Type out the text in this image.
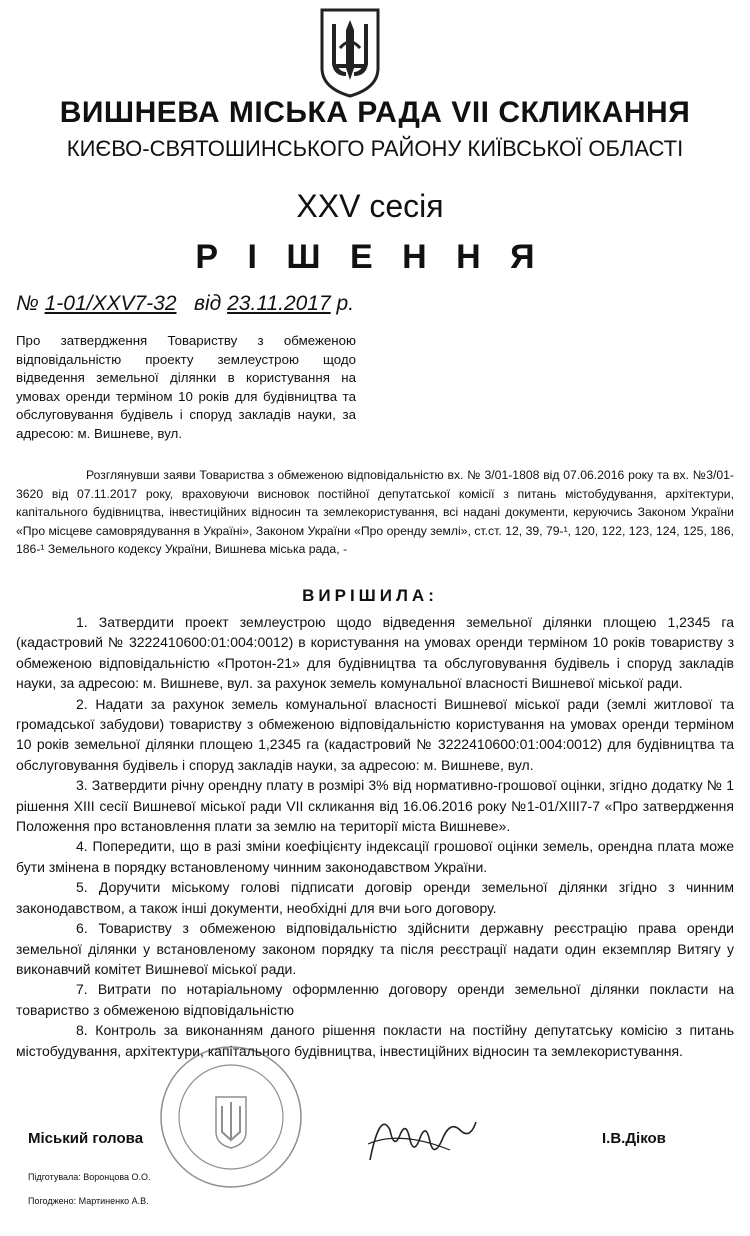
ВИШНЕВА МІСЬКА РАДА VII СКЛИКАННЯ
КИЄВО-СВЯТОШИНСЬКОГО РАЙОНУ КИЇВСЬКОЇ ОБЛАСТІ
XXV сесія
Р І Ш Е Н Н Я
№ 1-01/XXV7-32 від 23.11.2017 р.

Про затвердження Товариству з обмеженою відповідальністю проекту землеустрою щодо відведення земельної ділянки в користування на умовах оренди терміном 10 років для будівництва та обслуговування будівель і споруд закладів науки, за адресою: м. Вишневе, вул.

Розглянувши заяви Товариства з обмеженою відповідальністю вх. № 3/01-1808 від 07.06.2016 року та вх. №3/01-3620 від 07.11.2017 року, враховуючи висновок постійної депутатської комісії з питань містобудування, архітектури, капітального будівництва, інвестиційних відносин та землекористування, всі надані документи, керуючись Законом України «Про місцеве самоврядування в Україні», Законом України «Про оренду землі», ст.ст. 12, 39, 79-¹, 120, 122, 123, 124, 125, 186, 186-¹ Земельного кодексу України, Вишнева міська рада, -

ВИРІШИЛА:

1. Затвердити проект землеустрою щодо відведення земельної ділянки площею 1,2345 га (кадастровий № 3222410600:01:004:0012) в користування на умовах оренди терміном 10 років товариству з обмеженою відповідальністю «Протон-21» для будівництва та обслуговування будівель і споруд закладів науки, за адресою: м. Вишневе, вул. за рахунок земель комунальної власності Вишневої міської ради.

2. Надати за рахунок земель комунальної власності Вишневої міської ради (землі житлової та громадської забудови) товариству з обмеженою відповідальністю користування на умовах оренди терміном 10 років земельної ділянки площею 1,2345 га (кадастровий № 3222410600:01:004:0012) для будівництва та обслуговування будівель і споруд закладів науки, за адресою: м. Вишневе, вул.

3. Затвердити річну орендну плату в розмірі 3% від нормативно-грошової оцінки, згідно додатку № 1 рішення XIII сесії Вишневої міської ради VII скликання від 16.06.2016 року №1-01/XIII7-7 «Про затвердження Положення про встановлення плати за землю на території міста Вишневе».

4. Попередити, що в разі зміни коефіцієнту індексації грошової оцінки земель, орендна плата може бути змінена в порядку встановленому чинним законодавством України.

5. Доручити міському голові підписати договір оренди земельної ділянки згідно з чинним законодавством, а також інші документи, необхідні для вчи ього договору.

6. Товариству з обмеженою відповідальністю здійснити державну реєстрацію права оренди земельної ділянки у встановленому законом порядку та після реєстрації надати один екземпляр Витягу у виконавчий комітет Вишневої міської ради.

7. Витрати по нотаріальному оформленню договору оренди земельної ділянки покласти на товариство з обмеженою відповідальністю

8. Контроль за виконанням даного рішення покласти на постійну депутатську комісію з питань містобудування, архітектури, капітального будівництва, інвестиційних відносин та землекористування.

Міський голова	І.В.Діков
Підготувала: Воронцова О.О.
Погоджено: Мартиненко А.В.
